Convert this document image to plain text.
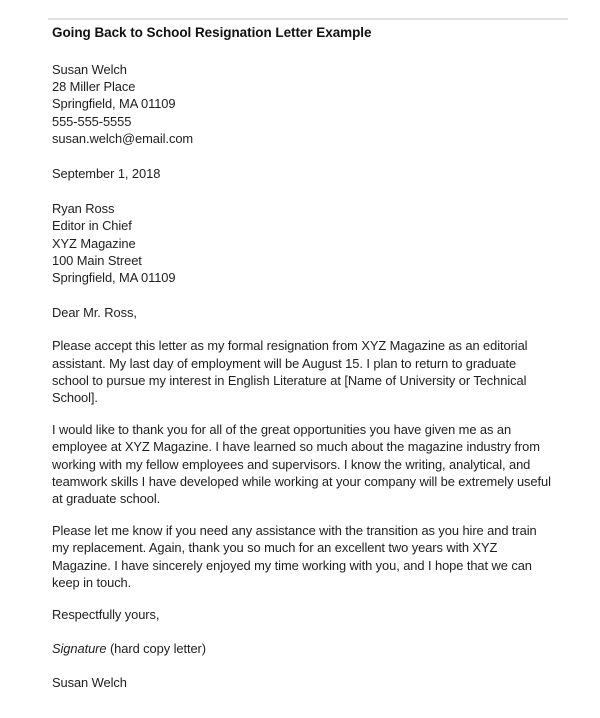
Going Back to School Resignation Letter Example
Susan Welch
28 Miller Place
Springfield, MA 01109
555-555-5555
susan.welch@email.com
September 1, 2018
Ryan Ross
Editor in Chief
XYZ Magazine
100 Main Street
Springfield, MA 01109
Dear Mr. Ross,

Please accept this letter as my formal resignation from XYZ Magazine as an editorial assistant. My last day of employment will be August 15. I plan to return to graduate school to pursue my interest in English Literature at [Name of University or Technical School].

I would like to thank you for all of the great opportunities you have given me as an employee at XYZ Magazine. I have learned so much about the magazine industry from working with my fellow employees and supervisors. I know the writing, analytical, and teamwork skills I have developed while working at your company will be extremely useful at graduate school.

Please let me know if you need any assistance with the transition as you hire and train my replacement. Again, thank you so much for an excellent two years with XYZ Magazine. I have sincerely enjoyed my time working with you, and I hope that we can keep in touch.

Respectfully yours,
Signature (hard copy letter)
Susan Welch
